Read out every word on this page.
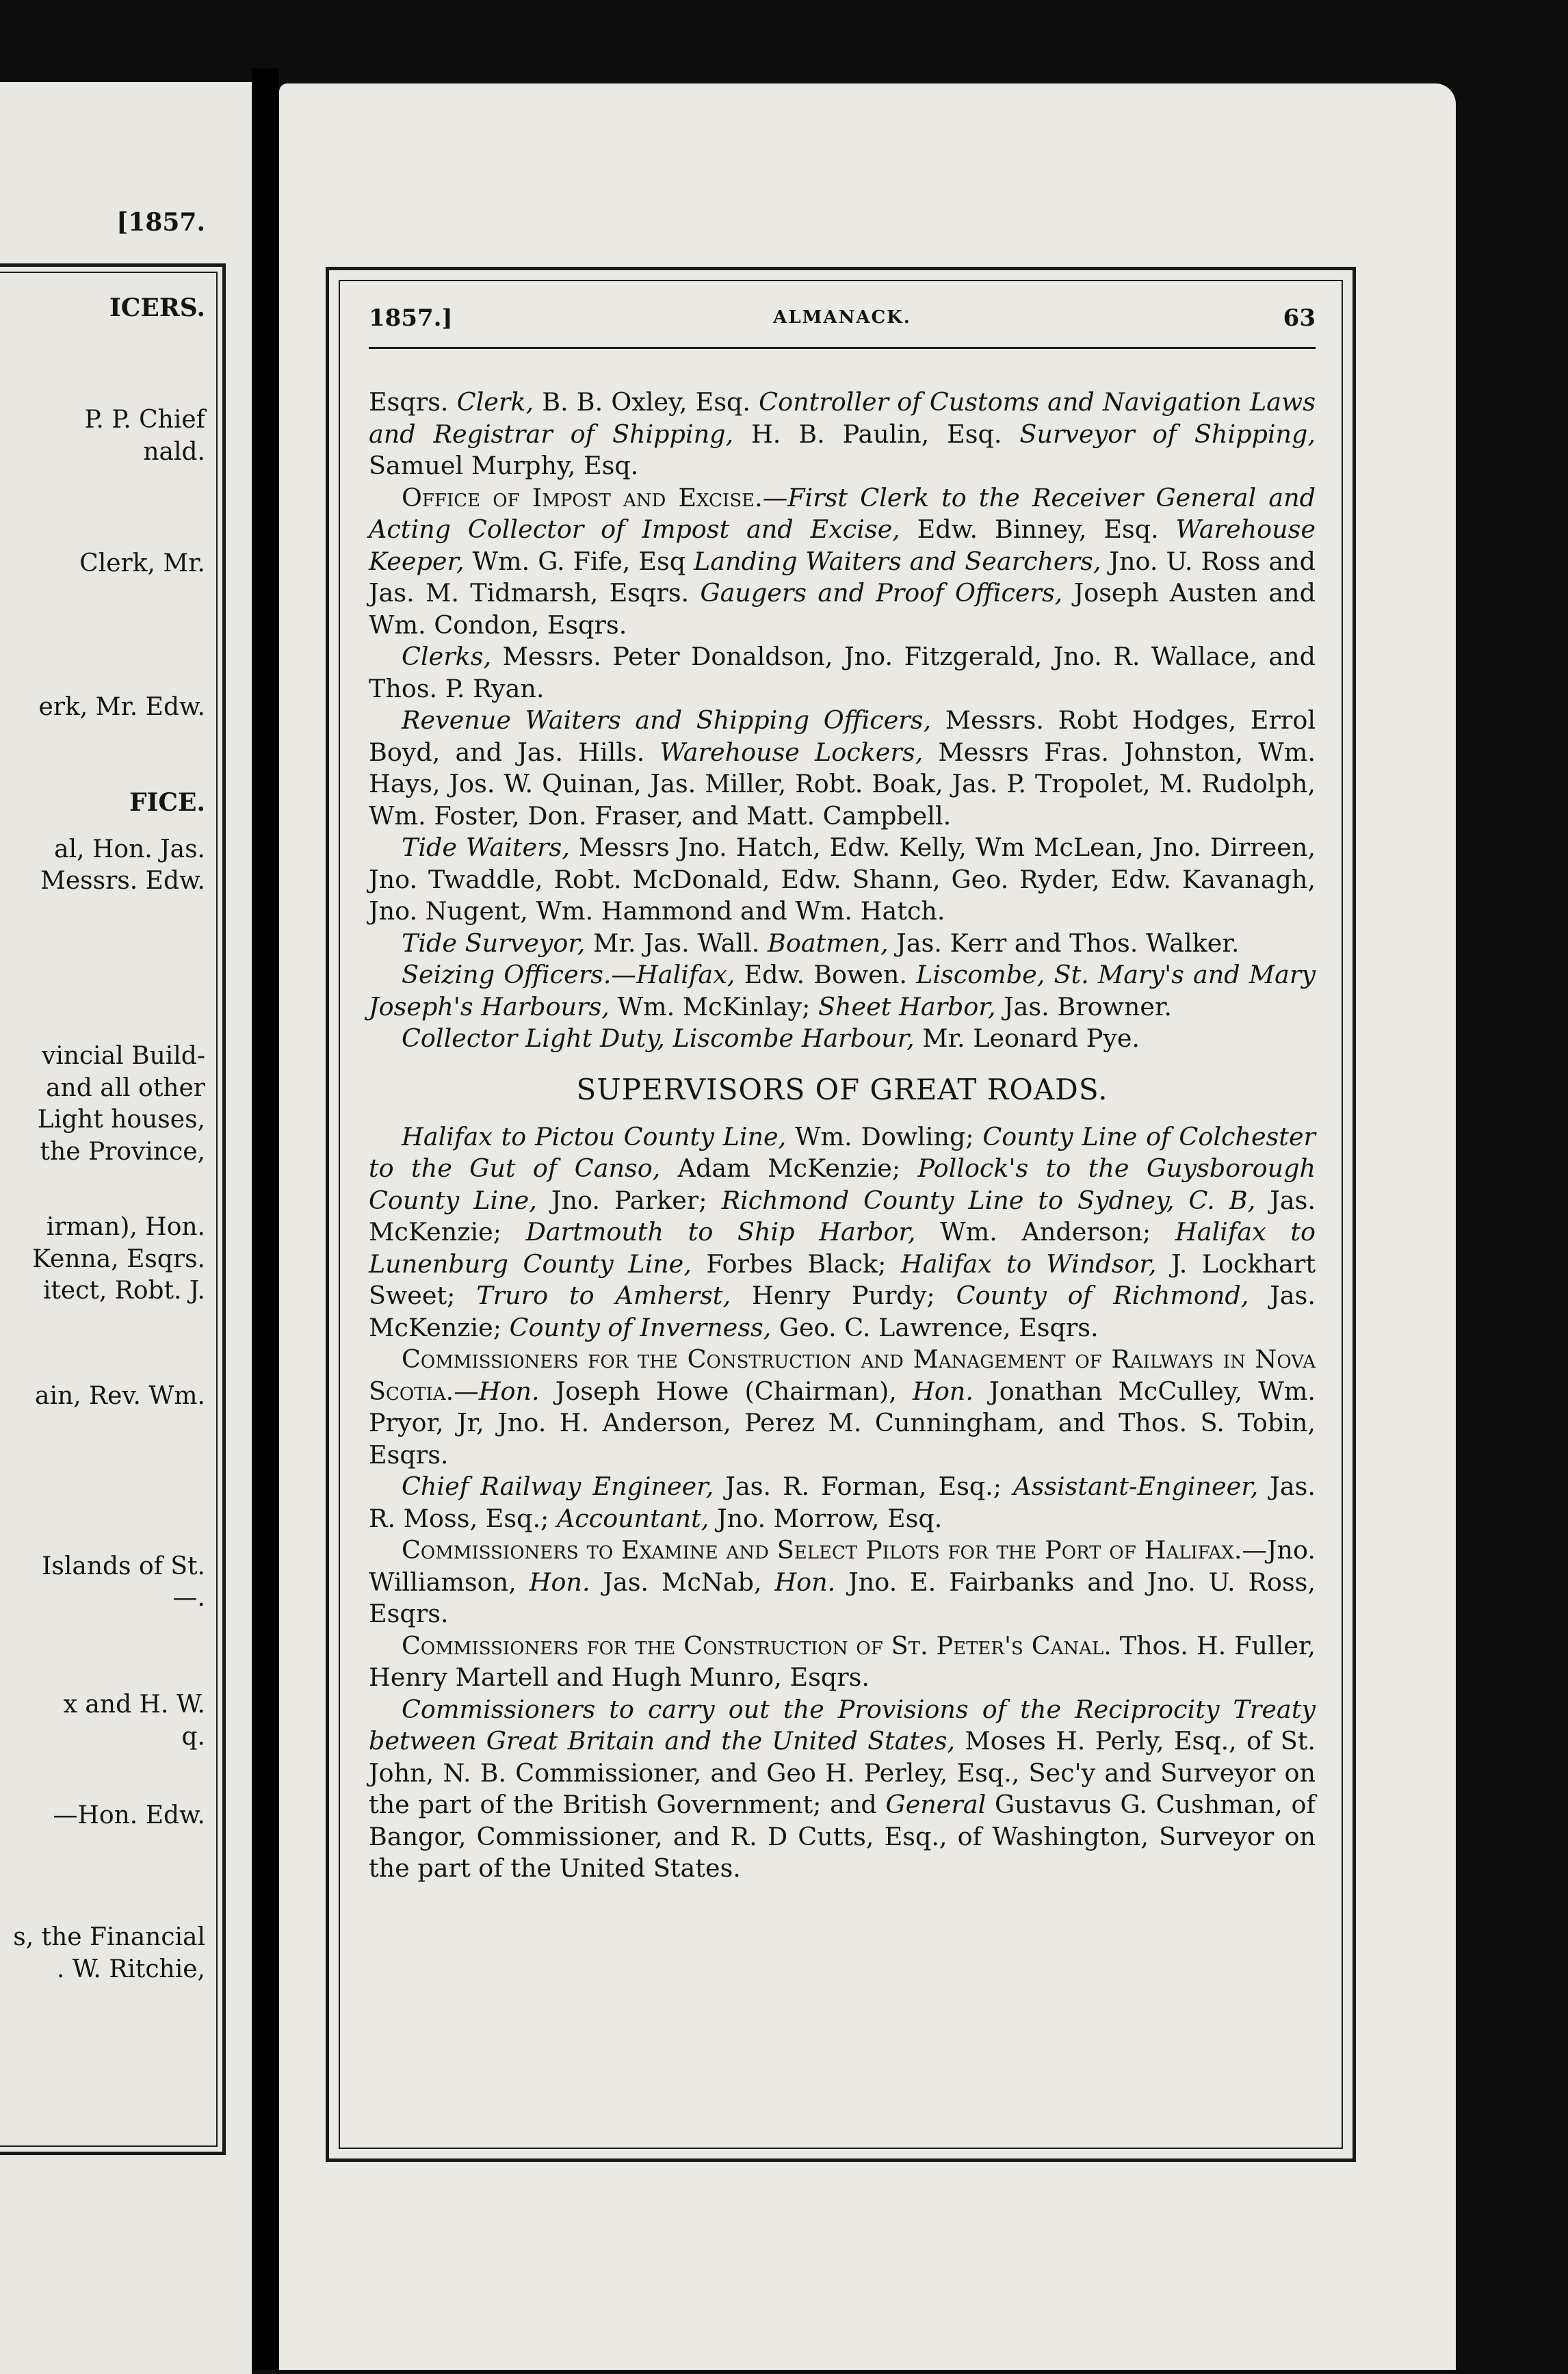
[1857.
ICERS.
P. P. Chief
nald.
Clerk, Mr.
erk, Mr. Edw.
FICE.
al, Hon. Jas.
Messrs. Edw.
vincial Build-
and all other
Light houses,
the Province,
irman), Hon.
Kenna, Esqrs.
itect, Robt. J.
ain, Rev. Wm.
Islands of St.
—.
x and H. W.
q.
—Hon. Edw.
s, the Financial
. W. Ritchie,
1857.]	ALMANACK.	63

Esqrs. Clerk, B. B. Oxley, Esq. Controller of Customs and Navigation Laws and Registrar of Shipping, H. B. Paulin, Esq. Surveyor of Shipping, Samuel Murphy, Esq.

Office of Impost and Excise.—First Clerk to the Receiver General and Acting Collector of Impost and Excise, Edw. Binney, Esq. Warehouse Keeper, Wm. G. Fife, Esq Landing Waiters and Searchers, Jno. U. Ross and Jas. M. Tidmarsh, Esqrs. Gaugers and Proof Officers, Joseph Austen and Wm. Condon, Esqrs.

Clerks, Messrs. Peter Donaldson, Jno. Fitzgerald, Jno. R. Wallace, and Thos. P. Ryan.

Revenue Waiters and Shipping Officers, Messrs. Robt Hodges, Errol Boyd, and Jas. Hills. Warehouse Lockers, Messrs Fras. Johnston, Wm. Hays, Jos. W. Quinan, Jas. Miller, Robt. Boak, Jas. P. Tropolet, M. Rudolph, Wm. Foster, Don. Fraser, and Matt. Campbell.

Tide Waiters, Messrs Jno. Hatch, Edw. Kelly, Wm McLean, Jno. Dirreen, Jno. Twaddle, Robt. McDonald, Edw. Shann, Geo. Ryder, Edw. Kavanagh, Jno. Nugent, Wm. Hammond and Wm. Hatch.

Tide Surveyor, Mr. Jas. Wall. Boatmen, Jas. Kerr and Thos. Walker.

Seizing Officers.—Halifax, Edw. Bowen. Liscombe, St. Mary's and Mary Joseph's Harbours, Wm. McKinlay; Sheet Harbor, Jas. Browner.

Collector Light Duty, Liscombe Harbour, Mr. Leonard Pye.

SUPERVISORS OF GREAT ROADS.

Halifax to Pictou County Line, Wm. Dowling; County Line of Colchester to the Gut of Canso, Adam McKenzie; Pollock's to the Guysborough County Line, Jno. Parker; Richmond County Line to Sydney, C. B, Jas. McKenzie; Dartmouth to Ship Harbor, Wm. Anderson; Halifax to Lunenburg County Line, Forbes Black; Halifax to Windsor, J. Lockhart Sweet; Truro to Amherst, Henry Purdy; County of Richmond, Jas. McKenzie; County of Inverness, Geo. C. Lawrence, Esqrs.

Commissioners for the Construction and Management of Railways in Nova Scotia.—Hon. Joseph Howe (Chairman), Hon. Jonathan McCulley, Wm. Pryor, Jr, Jno. H. Anderson, Perez M. Cunningham, and Thos. S. Tobin, Esqrs.

Chief Railway Engineer, Jas. R. Forman, Esq.; Assistant-Engineer, Jas. R. Moss, Esq.; Accountant, Jno. Morrow, Esq.

Commissioners to Examine and Select Pilots for the Port of Halifax.—Jno. Williamson, Hon. Jas. McNab, Hon. Jno. E. Fairbanks and Jno. U. Ross, Esqrs.

Commissioners for the Construction of St. Peter's Canal. Thos. H. Fuller, Henry Martell and Hugh Munro, Esqrs.

Commissioners to carry out the Provisions of the Reciprocity Treaty between Great Britain and the United States, Moses H. Perly, Esq., of St. John, N. B. Commissioner, and Geo H. Perley, Esq., Sec'y and Surveyor on the part of the British Government; and General Gustavus G. Cushman, of Bangor, Commissioner, and R. D Cutts, Esq., of Washington, Surveyor on the part of the United States.
